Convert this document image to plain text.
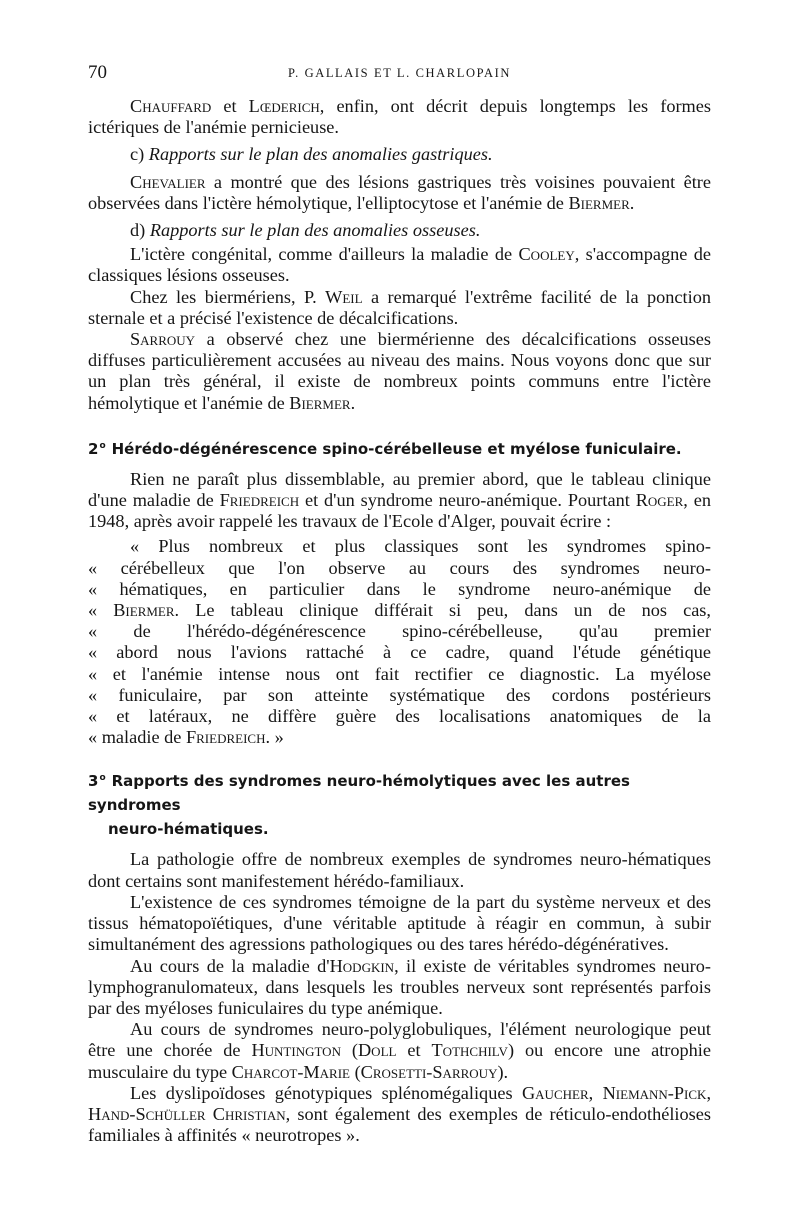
70	P. GALLAIS ET L. CHARLOPAIN

Chauffard et Lœderich, enfin, ont décrit depuis longtemps les formes ictériques de l'anémie pernicieuse.

c) Rapports sur le plan des anomalies gastriques.

Chevalier a montré que des lésions gastriques très voisines pouvaient être observées dans l'ictère hémolytique, l'elliptocytose et l'anémie de Biermer.

d) Rapports sur le plan des anomalies osseuses.

L'ictère congénital, comme d'ailleurs la maladie de Cooley, s'accompagne de classiques lésions osseuses.

Chez les biermériens, P. Weil a remarqué l'extrême facilité de la ponction sternale et a précisé l'existence de décalcifications.

Sarrouy a observé chez une biermérienne des décalcifications osseuses diffuses particulièrement accusées au niveau des mains. Nous voyons donc que sur un plan très général, il existe de nombreux points communs entre l'ictère hémolytique et l'anémie de Biermer.

2$^o$ Hérédo-dégénérescence spino-cérébelleuse et myélose funiculaire.

Rien ne paraît plus dissemblable, au premier abord, que le tableau clinique d'une maladie de Friedreich et d'un syndrome neuro-anémique. Pourtant Roger, en 1948, après avoir rappelé les travaux de l'Ecole d'Alger, pouvait écrire :

« Plus nombreux et plus classiques sont les syndromes spino-

« cérébelleux que l'on observe au cours des syndromes neuro-

« hématiques, en particulier dans le syndrome neuro-anémique de

« Biermer. Le tableau clinique différait si peu, dans un de nos cas,

« de l'hérédo-dégénérescence spino-cérébelleuse, qu'au premier

« abord nous l'avions rattaché à ce cadre, quand l'étude génétique

« et l'anémie intense nous ont fait rectifier ce diagnostic. La myélose

« funiculaire, par son atteinte systématique des cordons postérieurs

« et latéraux, ne diffère guère des localisations anatomiques de la

« maladie de Friedreich. »

3$^o$ Rapports des syndromes neuro-hémolytiques avec les autres syndromes
neuro-hématiques.

La pathologie offre de nombreux exemples de syndromes neuro-hématiques dont certains sont manifestement hérédo-familiaux.

L'existence de ces syndromes témoigne de la part du système nerveux et des tissus hématopoïétiques, d'une véritable aptitude à réagir en commun, à subir simultanément des agressions pathologiques ou des tares hérédo-dégénératives.

Au cours de la maladie d'Hodgkin, il existe de véritables syndromes neuro-lymphogranulomateux, dans lesquels les troubles nerveux sont représentés parfois par des myéloses funiculaires du type anémique.

Au cours de syndromes neuro-polyglobuliques, l'élément neurologique peut être une chorée de Huntington (Doll et Tothchilv) ou encore une atrophie musculaire du type Charcot-Marie (Crosetti-Sarrouy).

Les dyslipoïdoses génotypiques splénomégaliques Gaucher, Niemann-Pick, Hand-Schüller Christian, sont également des exemples de réticulo-endothélioses familiales à affinités « neurotropes ».
